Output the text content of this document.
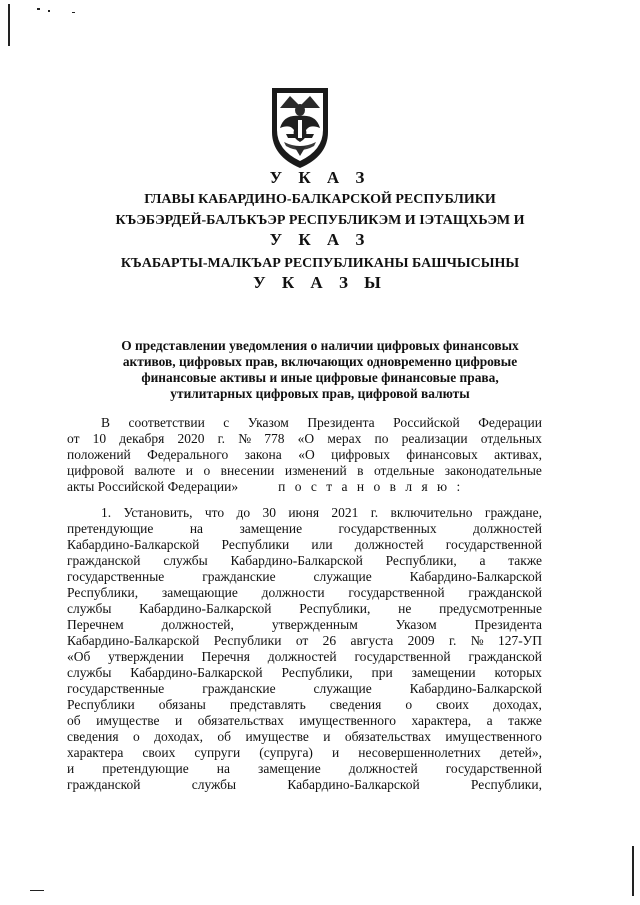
У К А З
ГЛАВЫ КАБАРДИНО-БАЛКАРСКОЙ РЕСПУБЛИКИ
КЪЭБЭРДЕЙ-БАЛЪКЪЭР РЕСПУБЛИКЭМ И ІЭТАЩХЬЭМ И
У К А З
КЪАБАРТЫ-МАЛКЪАР РЕСПУБЛИКАНЫ БАШЧЫСЫНЫ
У К А З Ы
О представлении уведомления о наличии цифровых финансовых
активов, цифровых прав, включающих одновременно цифровые
финансовые активы и иные цифровые финансовые права,
утилитарных цифровых прав, цифровой валюты
В соответствии с Указом Президента Российской Федерации
от 10 декабря 2020 г. № 778 «О мерах по реализации отдельных
положений Федерального закона «О цифровых финансовых активах,
цифровой валюте и о внесении изменений в отдельные законодательные
акты Российской Федерации»	п о с т а н о в л я ю :
1. Установить, что до 30 июня 2021 г. включительно граждане,
претендующие	на	замещение	государственных	должностей
Кабардино-Балкарской Республики или должностей государственной
гражданской службы Кабардино-Балкарской Республики, а также
государственные	гражданские	служащие	Кабардино-Балкарской
Республики, замещающие должности государственной гражданской
службы Кабардино-Балкарской Республики, не предусмотренные
Перечнем	должностей,	утвержденным	Указом	Президента
Кабардино-Балкарской Республики от 26 августа 2009 г. № 127-УП
«Об утверждении Перечня должностей государственной гражданской
службы Кабардино-Балкарской Республики, при замещении которых
государственные	гражданские	служащие	Кабардино-Балкарской
Республики обязаны представлять сведения о своих доходах,
об имуществе и обязательствах имущественного характера, а также
сведения о доходах, об имуществе и обязательствах имущественного
характера своих супруги (супруга) и несовершеннолетних детей»,
и претендующие на замещение должностей государственной
гражданской	службы	Кабардино-Балкарской	Республики,
